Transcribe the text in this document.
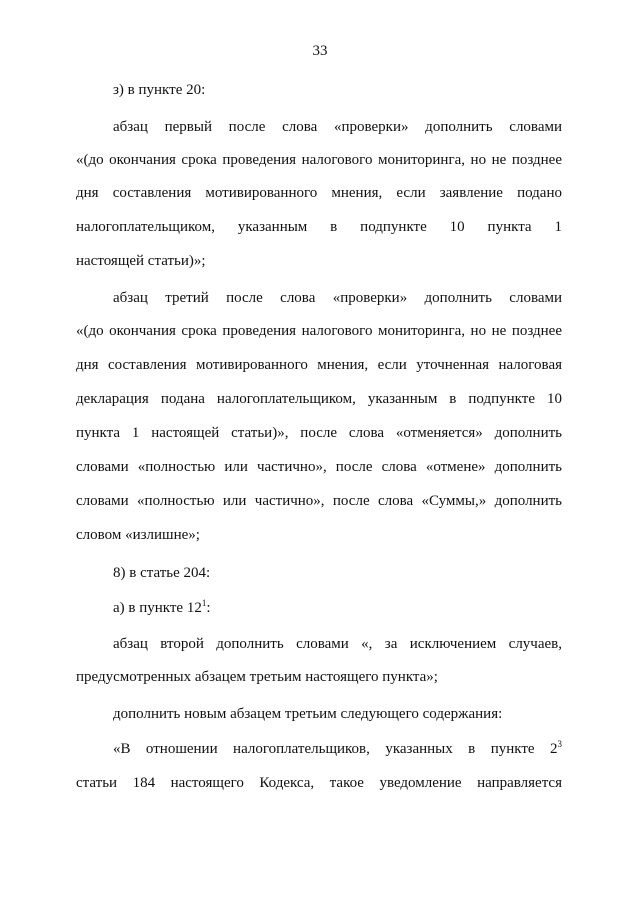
33
з) в пункте 20:
абзац первый после слова «проверки» дополнить словами
«(до окончания срока проведения налогового мониторинга, но не позднее
дня составления мотивированного мнения, если заявление подано
налогоплательщиком, указанным в подпункте 10 пункта 1
настоящей статьи)»;
абзац третий после слова «проверки» дополнить словами
«(до окончания срока проведения налогового мониторинга, но не позднее
дня составления мотивированного мнения, если уточненная налоговая
декларация подана налогоплательщиком, указанным в подпункте 10
пункта 1 настоящей статьи)», после слова «отменяется» дополнить
словами «полностью или частично», после слова «отмене» дополнить
словами «полностью или частично», после слова «Суммы,» дополнить
словом «излишне»;
8) в статье 204:
а) в пункте $12^1$:
абзац второй дополнить словами «, за исключением случаев,
предусмотренных абзацем третьим настоящего пункта»;
дополнить новым абзацем третьим следующего содержания:
«В отношении налогоплательщиков, указанных в пункте $2^3$
статьи 184 настоящего Кодекса, такое уведомление направляется
